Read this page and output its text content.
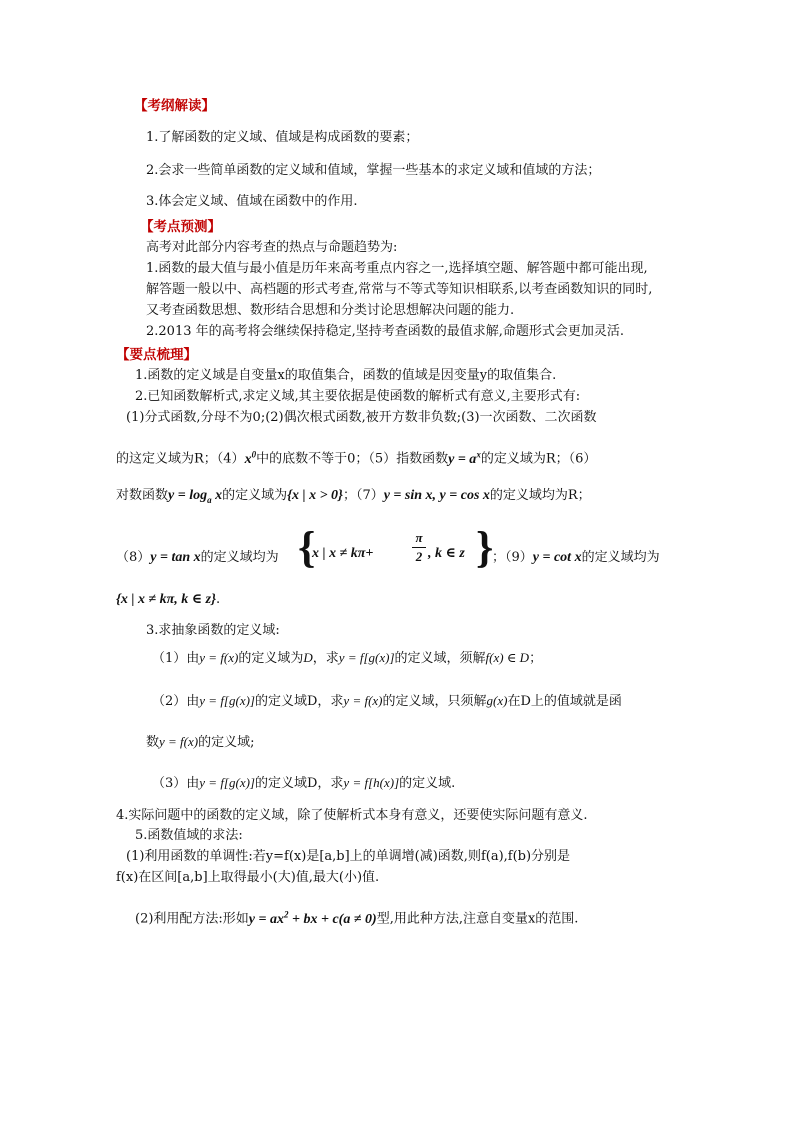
【考纲解读】
1.了解函数的定义域、值域是构成函数的要素；
2.会求一些简单函数的定义域和值域，掌握一些基本的求定义域和值域的方法；
3.体会定义域、值域在函数中的作用.
【考点预测】
高考对此部分内容考查的热点与命题趋势为:
1.函数的最大值与最小值是历年来高考重点内容之一,选择填空题、解答题中都可能出现,
解答题一般以中、高档题的形式考查,常常与不等式等知识相联系,以考查函数知识的同时,
又考查函数思想、数形结合思想和分类讨论思想解决问题的能力.
2.2013 年的高考将会继续保持稳定,坚持考查函数的最值求解,命题形式会更加灵活.
【要点梳理】
1.函数的定义域是自变量x的取值集合，函数的值域是因变量y的取值集合.
2.已知函数解析式,求定义域,其主要依据是使函数的解析式有意义,主要形式有:
(1)分式函数,分母不为0;(2)偶次根式函数,被开方数非负数;(3)一次函数、二次函数
的这定义域为R；$(4)x^0$中的底数不等于0；（5）指数函数$y = a^x$的定义域为R；（6）
对数函数$y = \log_a x$的定义域为{x | x > 0}；（7）y = sin x, y = cos x的定义域均为R；
（8）y = tan x的定义域均为 {
x | x ≠ kπ+
π
2 , k ∈ z }
；（9）y = cot x的定义域均为
{x | x ≠ kπ, k ∈ z}.
3.求抽象函数的定义域:
（1）由y = f(x)的定义域为D，求y = f[g(x)]的定义域，须解f(x) ∈ D；
（2）由y = f[g(x)]的定义域D，求y = f(x)的定义域，只须解g(x)在D上的值域就是函
数y = f(x)的定义域;
（3）由y = f[g(x)]的定义域D，求y = f[h(x)]的定义域.
4.实际问题中的函数的定义域，除了使解析式本身有意义，还要使实际问题有意义.
5.函数值域的求法:
(1)利用函数的单调性:若y=f(x)是[a,b]上的单调增(减)函数,则f(a),f(b)分别是
f(x)在区间[a,b]上取得最小(大)值,最大(小)值.
(2)利用配方法:形如$y = ax^2$ + bx + c(a ≠ 0)型,用此种方法,注意自变量x的范围.
